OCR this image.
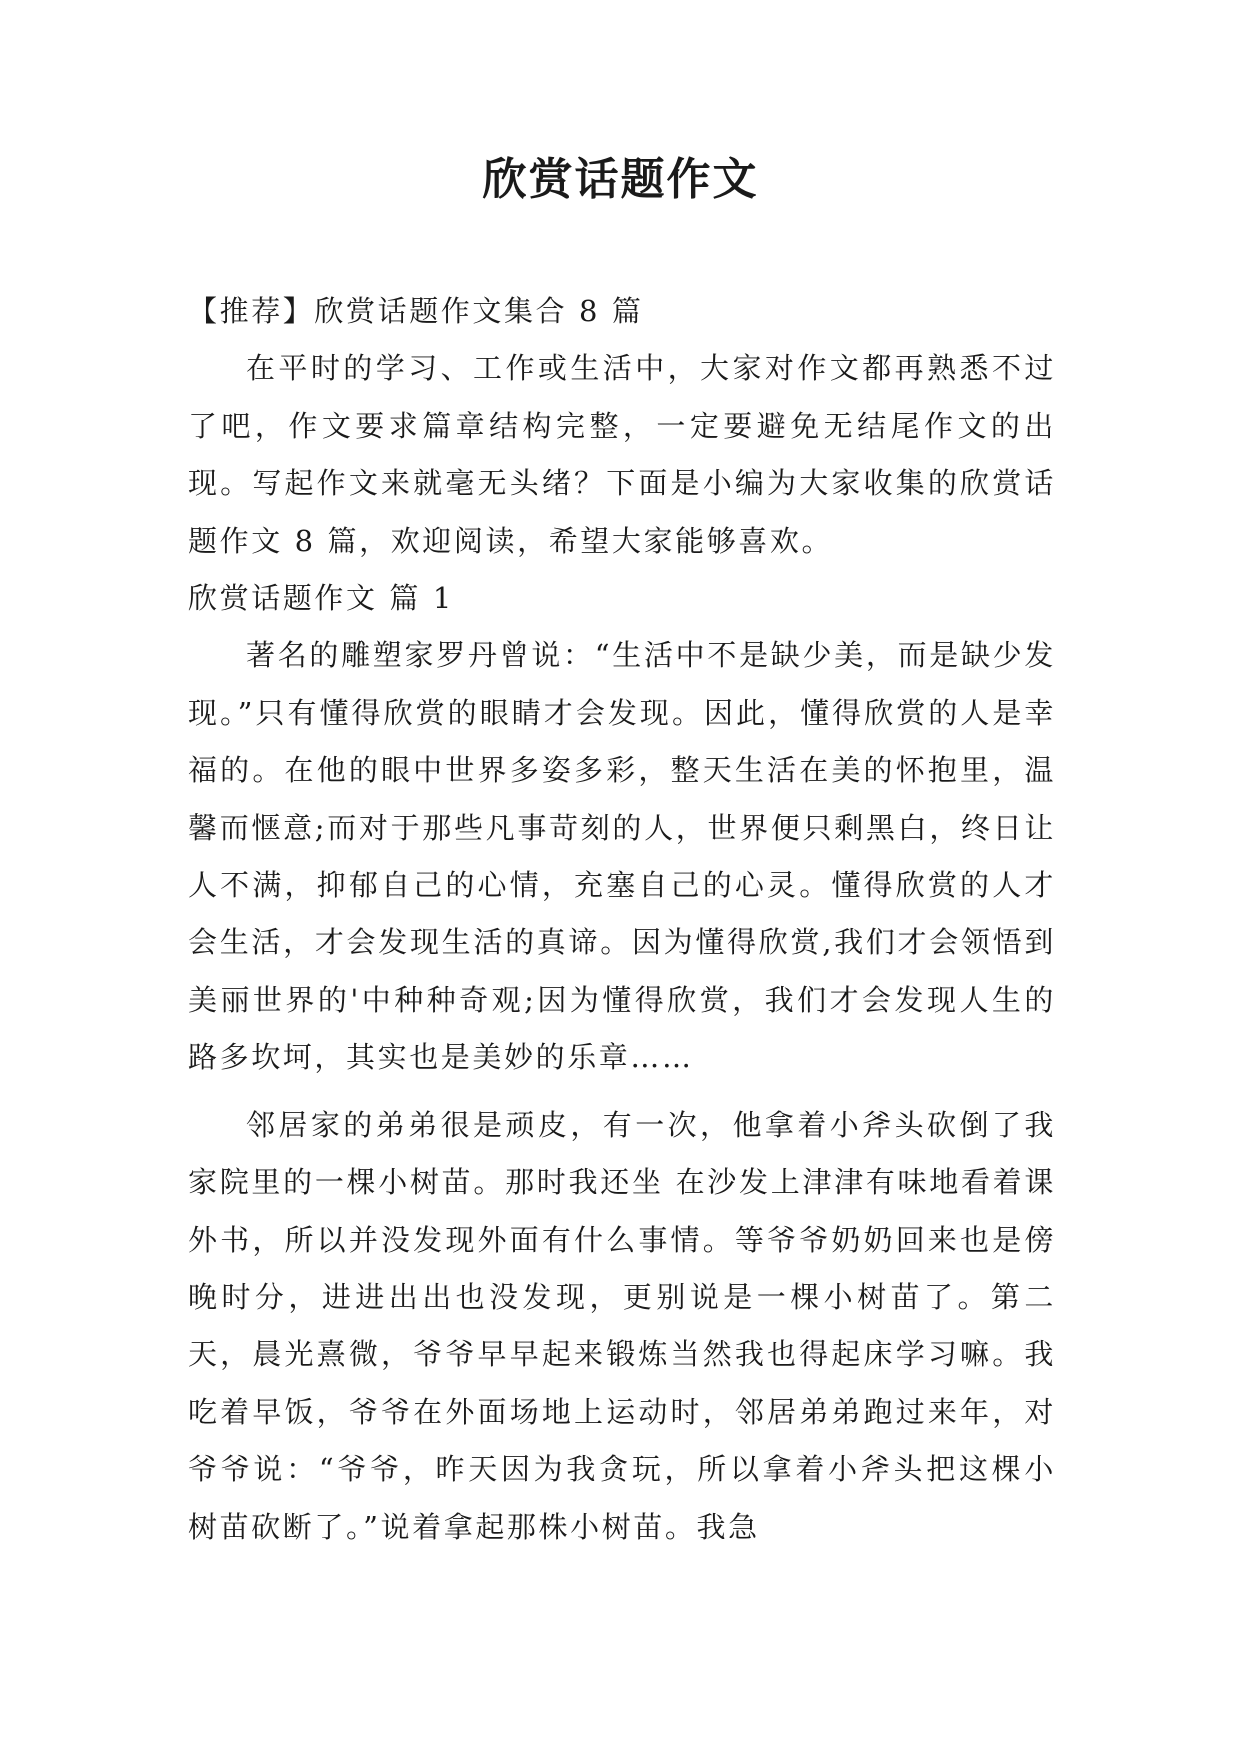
欣赏话题作文

【推荐】欣赏话题作文集合 8 篇

在平时的学习、工作或生活中，大家对作文都再熟悉不过了吧，作文要求篇章结构完整，一定要避免无结尾作文的出现。写起作文来就毫无头绪？下面是小编为大家收集的欣赏话题作文 8 篇，欢迎阅读，希望大家能够喜欢。

欣赏话题作文 篇 1

著名的雕塑家罗丹曾说：“生活中不是缺少美，而是缺少发现。”只有懂得欣赏的眼睛才会发现。因此，懂得欣赏的人是幸福的。在他的眼中世界多姿多彩，整天生活在美的怀抱里，温馨而惬意;而对于那些凡事苛刻的人，世界便只剩黑白，终日让人不满，抑郁自己的心情，充塞自己的心灵。懂得欣赏的人才会生活，才会发现生活的真谛。因为懂得欣赏,我们才会领悟到美丽世界的'中种种奇观;因为懂得欣赏，我们才会发现人生的路多坎坷，其实也是美妙的乐章……

邻居家的弟弟很是顽皮，有一次，他拿着小斧头砍倒了我家院里的一棵小树苗。那时我还坐 在沙发上津津有味地看着课外书，所以并没发现外面有什么事情。等爷爷奶奶回来也是傍晚时分，进进出出也没发现，更别说是一棵小树苗了。第二天，晨光熹微，爷爷早早起来锻炼当然我也得起床学习嘛。我吃着早饭，爷爷在外面场地上运动时，邻居弟弟跑过来年，对爷爷说：“爷爷，昨天因为我贪玩，所以拿着小斧头把这棵小树苗砍断了。”说着拿起那株小树苗。我急
